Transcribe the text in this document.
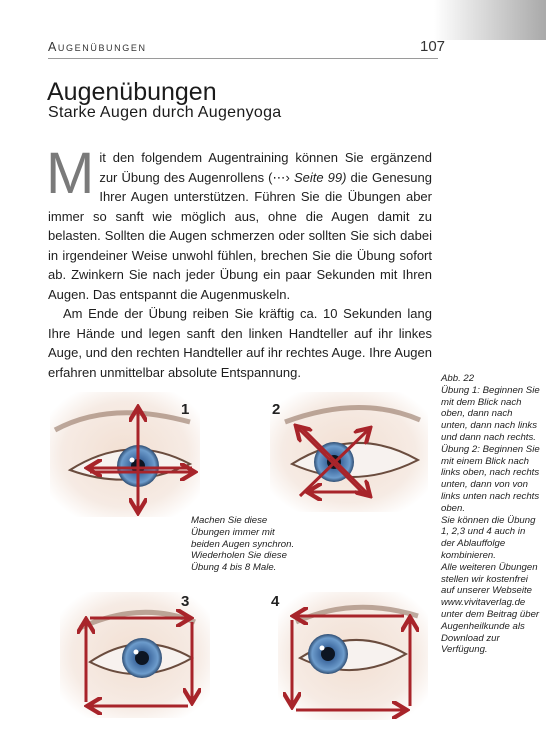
Augenübungen	107
Augenübungen
Starke Augen durch Augenyoga

Mit den folgendem Augentraining können Sie ergänzend zur Übung des Augenrollens (⋯› Seite 99) die Genesung Ihrer Augen unterstützen. Führen Sie die Übungen aber immer so sanft wie möglich aus, ohne die Augen damit zu belasten. Sollten die Augen schmerzen oder sollten Sie sich dabei in irgendeiner Weise unwohl fühlen, brechen Sie die Übung sofort ab. Zwinkern Sie nach jeder Übung ein paar Sekunden mit Ihren Augen. Das entspannt die Augenmuskeln.

Am Ende der Übung reiben Sie kräftig ca. 10 Sekunden lang Ihre Hände und legen sanft den linken Handteller auf ihr linkes Auge, und den rechten Handteller auf ihr rechtes Auge. Ihre Augen erfahren unmittelbar absolute Entspannung.

1	2
Machen Sie diese Übungen immer mit beiden Augen synchron. Wiederholen Sie diese Übung 4 bis 8 Male.
3	4

Abb. 22

Übung 1: Beginnen Sie mit dem Blick nach oben, dann nach unten, dann nach links und dann nach rechts.

Übung 2: Beginnen Sie mit einem Blick nach links oben, nach rechts unten, dann von von links unten nach rechts oben.

Sie können die Übung 1, 2,3 und 4 auch in der Ablauffolge kombinieren.

Alle weiteren Übungen stellen wir kostenfrei auf unserer Webseite www.vivitaverlag.de unter dem Beitrag über Augenheilkunde als Download zur Verfügung.
